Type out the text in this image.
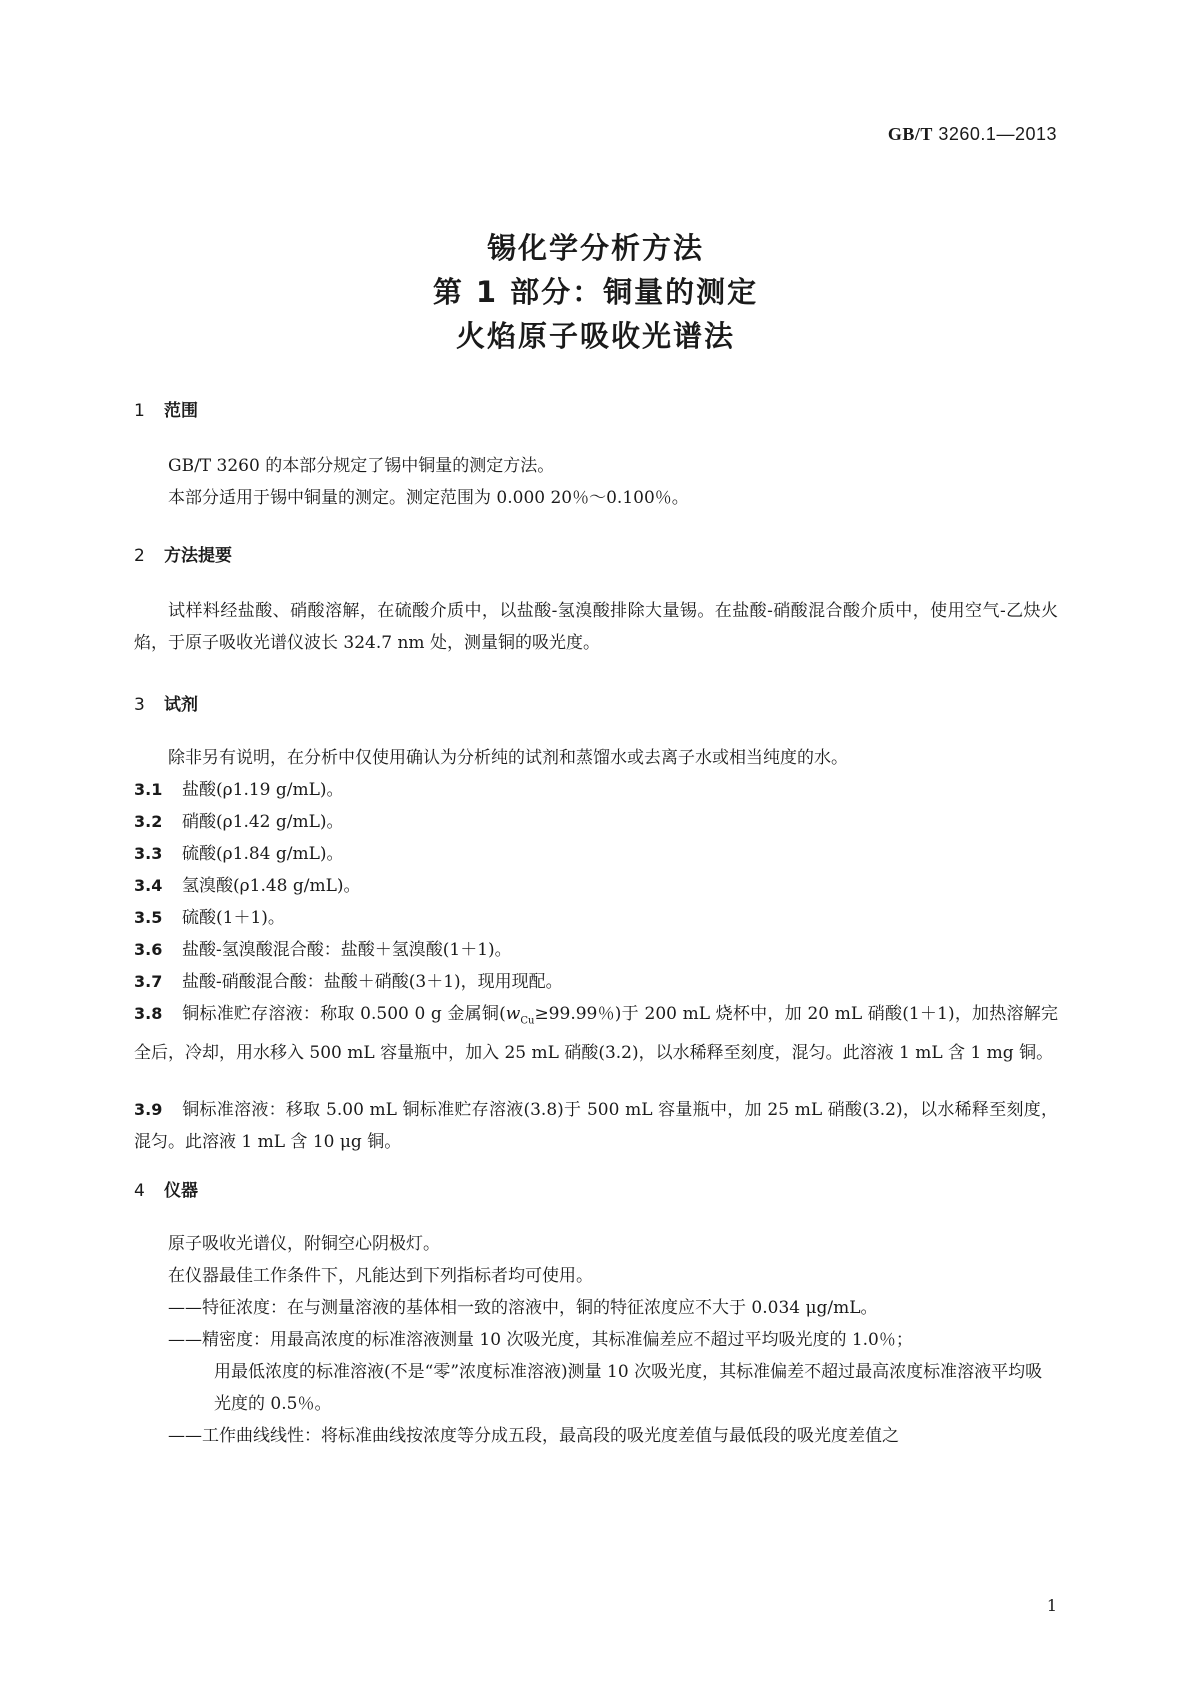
GB/T 3260.1—2013
锡化学分析方法
第 1 部分：铜量的测定
火焰原子吸收光谱法
1 范围
GB/T 3260 的本部分规定了锡中铜量的测定方法。
本部分适用于锡中铜量的测定。测定范围为 0.000 20％～0.100％。
2 方法提要
试样料经盐酸、硝酸溶解，在硫酸介质中，以盐酸-氢溴酸排除大量锡。在盐酸-硝酸混合酸介质中，使用空气-乙炔火焰，于原子吸收光谱仪波长 324.7 nm 处，测量铜的吸光度。
3 试剂
除非另有说明，在分析中仅使用确认为分析纯的试剂和蒸馏水或去离子水或相当纯度的水。
3.1 盐酸(ρ1.19 g/mL)。
3.2 硝酸(ρ1.42 g/mL)。
3.3 硫酸(ρ1.84 g/mL)。
3.4 氢溴酸(ρ1.48 g/mL)。
3.5 硫酸(1＋1)。
3.6 盐酸-氢溴酸混合酸：盐酸＋氢溴酸(1＋1)。
3.7 盐酸-硝酸混合酸：盐酸＋硝酸(3＋1)，现用现配。
3.8 铜标准贮存溶液：称取 0.500 0 g 金属铜($w_{Cu}\ge 99.99$％)于 200 mL 烧杯中，加 20 mL 硝酸(1＋1)，加热溶解完全后，冷却，用水移入 500 mL 容量瓶中，加入 25 mL 硝酸(3.2)，以水稀释至刻度，混匀。此溶液 1 mL 含 1 mg 铜。
3.9 铜标准溶液：移取 5.00 mL 铜标准贮存溶液(3.8)于 500 mL 容量瓶中，加 25 mL 硝酸(3.2)，以水稀释至刻度，混匀。此溶液 1 mL 含 10 μg 铜。
4 仪器
原子吸收光谱仪，附铜空心阴极灯。
在仪器最佳工作条件下，凡能达到下列指标者均可使用。
——特征浓度：在与测量溶液的基体相一致的溶液中，铜的特征浓度应不大于 0.034 μg/mL。
——精密度：用最高浓度的标准溶液测量 10 次吸光度，其标准偏差应不超过平均吸光度的 1.0％；
用最低浓度的标准溶液(不是“零”浓度标准溶液)测量 10 次吸光度，其标准偏差不超过最高浓度标准溶液平均吸光度的 0.5％。
——工作曲线线性：将标准曲线按浓度等分成五段，最高段的吸光度差值与最低段的吸光度差值之
1
